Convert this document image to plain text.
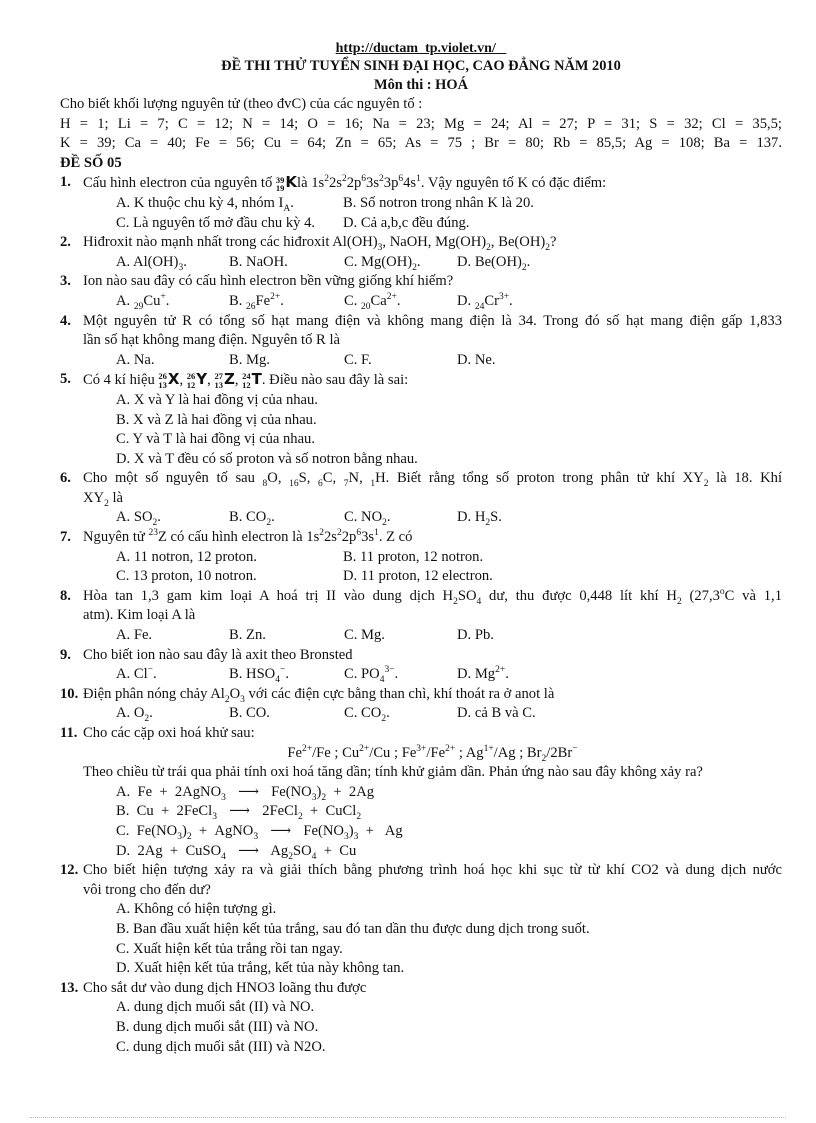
http://ductam_tp.violet.vn/
ĐỀ THI THỬ TUYỂN SINH ĐẠI HỌC, CAO ĐẲNG NĂM 2010
Môn thi : HOÁ
Cho biết khối lượng nguyên tử (theo đvC) của các nguyên tố :
H = 1; Li = 7; C = 12; N = 14; O = 16; Na = 23; Mg = 24; Al = 27; P = 31; S = 32; Cl = 35,5;
K = 39; Ca = 40; Fe = 56; Cu = 64; Zn = 65; As = 75 ; Br = 80; Rb = 85,5; Ag = 108; Ba = 137.
ĐỀ SỐ 05
1. Cấu hình electron của nguyên tố 39
19 Klà $1s^22s^22p^63s^23p^64s^1$. Vậy nguyên tố K có đặc điểm:
A. K thuộc chu kỳ 4, nhóm $I_A$.	B. Số notron trong nhân K là 20.
C. Là nguyên tố mở đầu chu kỳ 4.	D. Cả a,b,c đều đúng.
2. Hiđroxit nào mạnh nhất trong các hiđroxit $Al(OH)_3$, NaOH, $Mg(OH)_2$, $Be(OH)_2$?
A. $Al(OH)_3$.	B. NaOH.	C. $Mg(OH)_2$.	D. $Be(OH)_2$.
3. Ion nào sau đây có cấu hình electron bền vững giống khí hiếm?
A. $_{29}$Cu+.	B. $_{26}Fe^{2+}$.	C. $_{20}Ca^{2+}$.	D. $_{24}Cr^{3+}$.
4. Một nguyên tử R có tổng số hạt mang điện và không mang điện là 34. Trong đó số hạt mang điện gấp 1,833
lần số hạt không mang điện. Nguyên tố R là
A. Na.	B. Mg.	C. F.	D. Ne.
5. Có 4 kí hiệu 26
13 X, 26
12 Y, 27
13 Z, 24
12 T. Điều nào sau đây là sai:
A. X và Y là hai đồng vị của nhau.
B. X và Z là hai đồng vị của nhau.
C. Y và T là hai đồng vị của nhau.
D. X và T đều có số proton và số notron bằng nhau.
6. Cho một số nguyên tố sau $_8$O, $_{16}$S, $_6$C, $_7$N, $_1$H. Biết rằng tổng số proton trong phân tử khí $XY_2$ là 18. Khí
$XY_2$ là
A. $SO_2$.	B. $CO_2$.	C. $NO_2$.	D. $H_2S$.
7. Nguyên tử $^{23}$Z có cấu hình electron là $1s^22s^22p^63s^1$. Z có
A. 11 notron, 12 proton.	B. 11 proton, 12 notron.
C. 13 proton, 10 notron.	D. 11 proton, 12 electron.
8. Hòa tan 1,3 gam kim loại A hoá trị II vào dung dịch $H_2SO_4$ dư, thu được 0,448 lít khí $H_2$ (27,3$^o$C và 1,1
atm). Kim loại A là
A. Fe.	B. Zn.	C. Mg.	D. Pb.
9. Cho biết ion nào sau đây là axit theo Bronsted
A. Cl−.	B. $HSO_4^-$.	C. $PO_4^{3-}$.	D. $Mg^{2+}$.
10. Điện phân nóng chảy $Al_2O_3$ với các điện cực bằng than chì, khí thoát ra ở anot là
A. $O_2$.	B. CO.	C. $CO_2$.	D. cả B và C.
11. Cho các cặp oxi hoá khử sau:
$Fe^{2+}/Fe$ ; $Cu^{2+}/Cu$ ; $Fe^{3+}/Fe^{2+}$ ; $Ag^{1+}/Ag$ ; $Br_2/2Br^-$
Theo chiều từ trái qua phải tính oxi hoá tăng dần; tính khử giảm dần. Phản ứng nào sau đây không xảy ra?
A.  Fe  +  2AgNO$_3$ ⟶ $Fe(NO_3)_2 + 2Ag$
B.  Cu  +  2FeCl$_3$ ⟶ 2FeCl$_2$  +  CuCl$_2$
C.  $Fe(NO_3)_2$  +  AgNO$_3$ ⟶ $Fe(NO_3)_3 + Ag$
D.  2Ag  +  CuSO$_4$ ⟶ $Ag_2SO_4 + Cu$
12. Cho biết hiện tượng xảy ra và giải thích bằng phương trình hoá học khi sục từ từ khí CO2 và dung dịch nước
vôi trong cho đến dư?
A. Không có hiện tượng gì.
B. Ban đầu xuất hiện kết tủa trắng, sau đó tan dần thu được dung dịch trong suốt.
C. Xuất hiện kết tủa trắng rồi tan ngay.
D. Xuất hiện kết tủa trắng, kết tủa này không tan.
13. Cho sắt dư vào dung dịch HNO3 loãng thu được
A. dung dịch muối sắt (II) và NO.
B. dung dịch muối sắt (III) và NO.
C. dung dịch muối sắt (III) và N2O.
